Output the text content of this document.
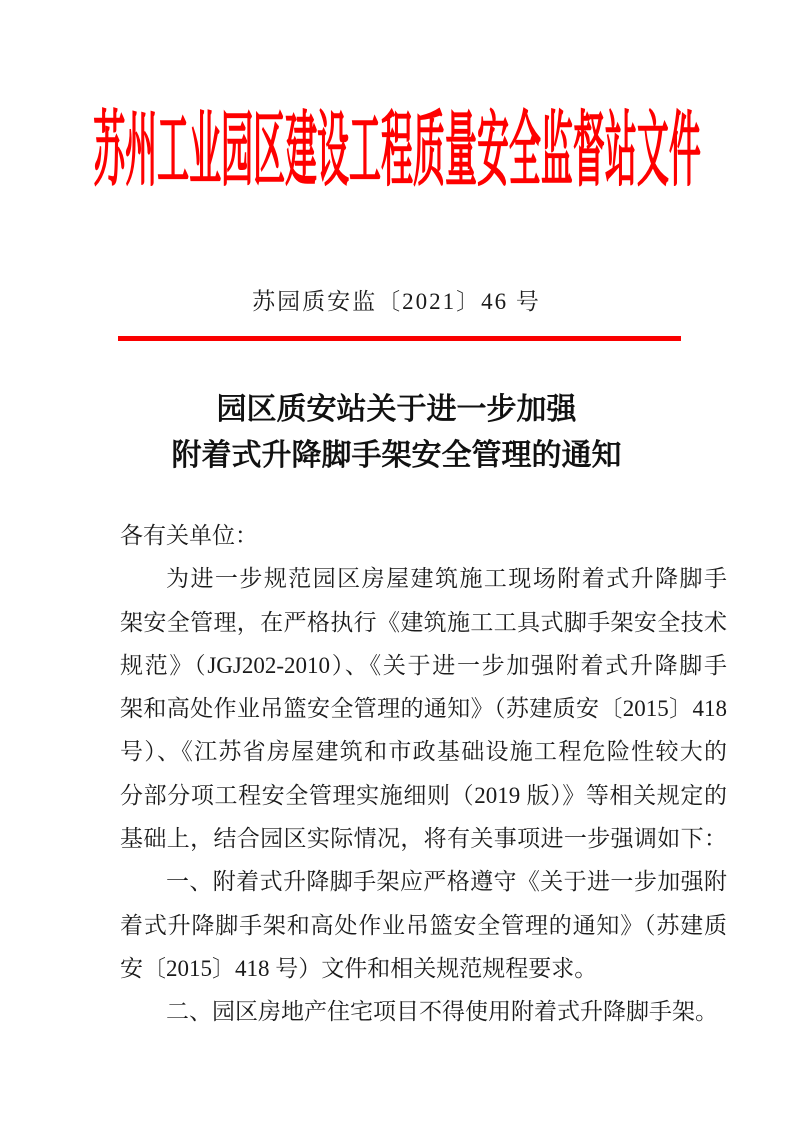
苏州工业园区建设工程质量安全监督站文件
苏园质安监〔2021〕46 号
园区质安站关于进一步加强
附着式升降脚手架安全管理的通知
各有关单位：
为进一步规范园区房屋建筑施工现场附着式升降脚手
架安全管理，在严格执行《建筑施工工具式脚手架安全技术
规范》（JGJ202-2010）、《关于进一步加强附着式升降脚手
架和高处作业吊篮安全管理的通知》（苏建质安〔2015〕418
号）、《江苏省房屋建筑和市政基础设施工程危险性较大的
分部分项工程安全管理实施细则（2019 版）》等相关规定的
基础上，结合园区实际情况，将有关事项进一步强调如下：
一、附着式升降脚手架应严格遵守《关于进一步加强附
着式升降脚手架和高处作业吊篮安全管理的通知》（苏建质
安〔2015〕418 号）文件和相关规范规程要求。
二、园区房地产住宅项目不得使用附着式升降脚手架。
